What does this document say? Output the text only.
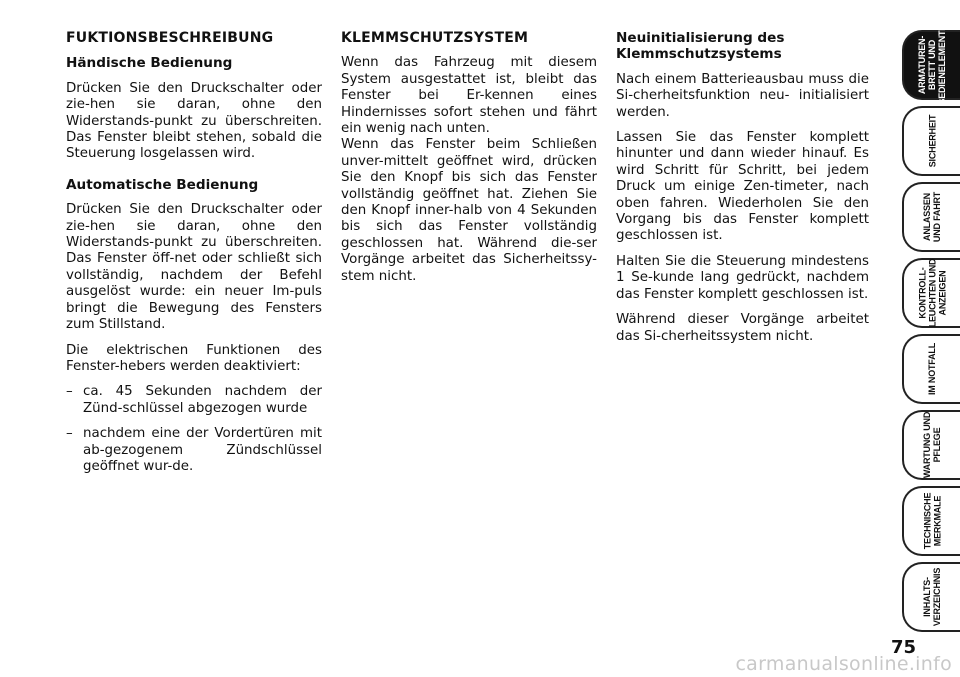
FUKTIONSBESCHREIBUNG
Händische Bedienung

Drücken Sie den Druckschalter oder zie-hen sie daran, ohne den Widerstands-punkt zu überschreiten. Das Fenster bleibt stehen, sobald die Steuerung losgelassen wird.

Automatische Bedienung

Drücken Sie den Druckschalter oder zie-hen sie daran, ohne den Widerstands-punkt zu überschreiten. Das Fenster öff-net oder schließt sich vollständig, nachdem der Befehl ausgelöst wurde: ein neuer Im-puls bringt die Bewegung des Fensters zum Stillstand.

Die elektrischen Funktionen des Fenster-hebers werden deaktiviert:

– ca. 45 Sekunden nachdem der Zünd-schlüssel abgezogen wurde
– nachdem eine der Vordertüren mit ab-gezogenem Zündschlüssel geöffnet wur-de.
KLEMMSCHUTZSYSTEM

Wenn das Fahrzeug mit diesem System ausgestattet ist, bleibt das Fenster bei Er-kennen eines Hindernisses sofort stehen und fährt ein wenig nach unten.

Wenn das Fenster beim Schließen unver-mittelt geöffnet wird, drücken Sie den Knopf bis sich das Fenster vollständig geöffnet hat. Ziehen Sie den Knopf inner-halb von 4 Sekunden bis sich das Fenster vollständig geschlossen hat. Während die-ser Vorgänge arbeitet das Sicherheitssy-stem nicht.

Neuinitialisierung des Klemmschutzsystems

Nach einem Batterieausbau muss die Si-cherheitsfunktion neu- initialisiert werden.

Lassen Sie das Fenster komplett hinunter und dann wieder hinauf. Es wird Schritt für Schritt, bei jedem Druck um einige Zen-timeter, nach oben fahren. Wiederholen Sie den Vorgang bis das Fenster komplett geschlossen ist.

Halten Sie die Steuerung mindestens 1 Se-kunde lang gedrückt, nachdem das Fenster komplett geschlossen ist.

Während dieser Vorgänge arbeitet das Si-cherheitssystem nicht.

ARMATUREN-
BRETT UND
BEDIENELEMENTE
SICHERHEIT
ANLASSEN
UND FAHRT
KONTROLL-
LEUCHTEN UND
ANZEIGEN
IM NOTFALL
WARTUNG UND
PFLEGE
TECHNISCHE
MERKMALE
INHALTS-
VERZEICHNIS
75
carmanualsonline.info
